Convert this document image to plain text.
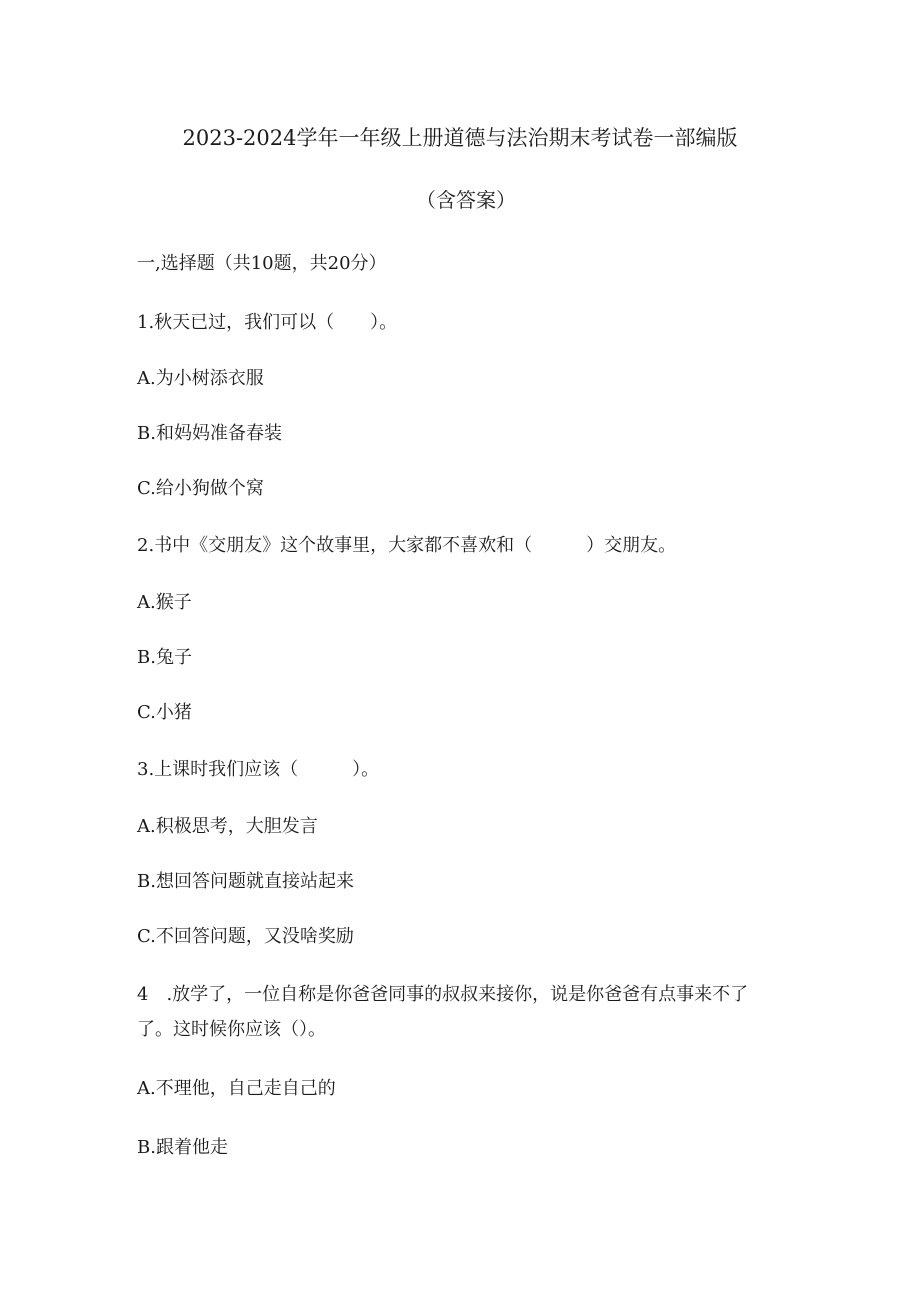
2023-2024学年一年级上册道德与法治期末考试卷一部编版
（含答案）

一,选择题（共10题，共20分）

1.秋天已过，我们可以（　　）。

A.为小树添衣服

B.和妈妈准备春装

C.给小狗做个窝

2.书中《交朋友》这个故事里，大家都不喜欢和（　　　）交朋友。

A.猴子

B.兔子

C.小猪

3.上课时我们应该（　　　）。

A.积极思考，大胆发言

B.想回答问题就直接站起来

C.不回答问题，又没啥奖励

4　.放学了，一位自称是你爸爸同事的叔叔来接你，说是你爸爸有点事来不了

了。这时候你应该（）。

A.不理他，自己走自己的

B.跟着他走
